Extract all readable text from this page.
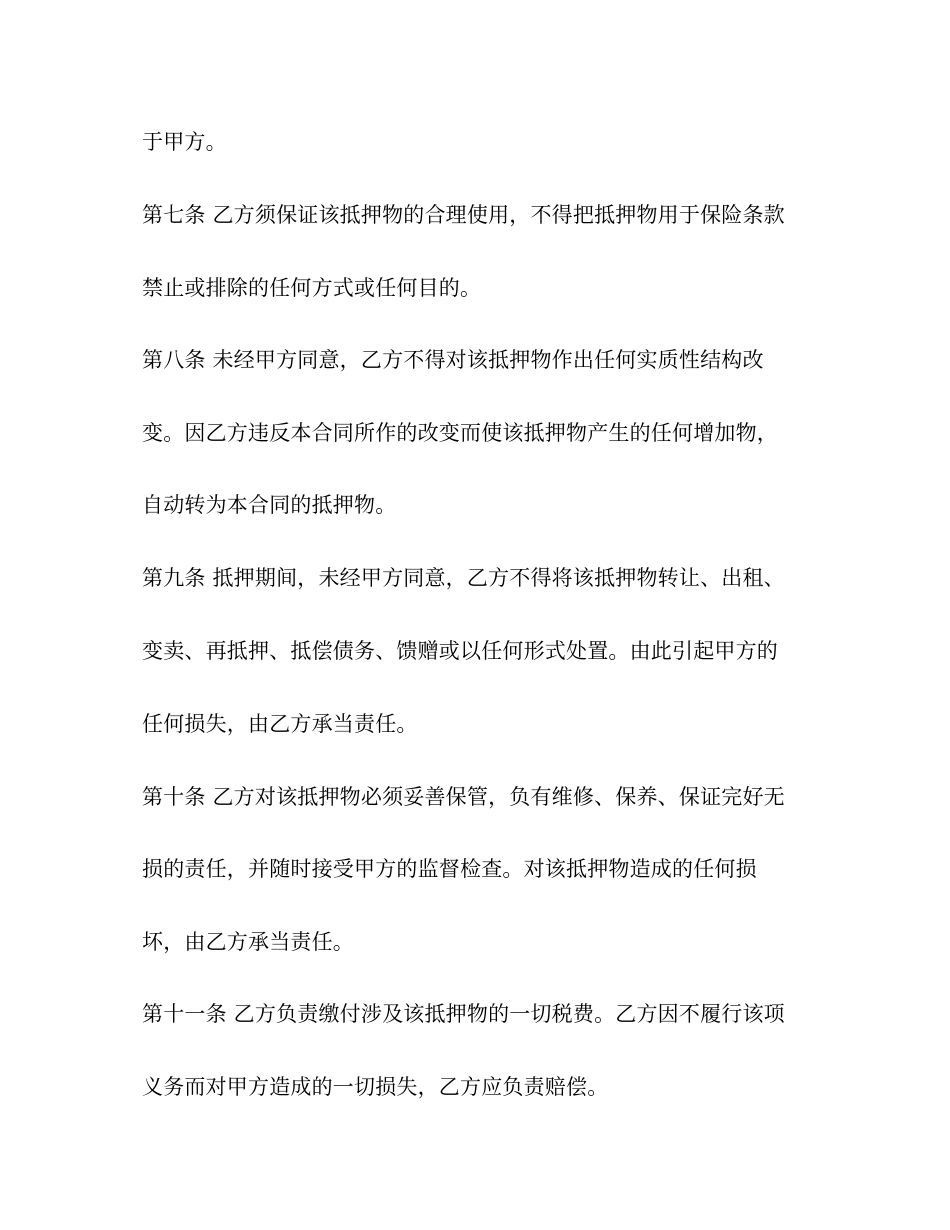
于甲方。
第七条 乙方须保证该抵押物的合理使用，不得把抵押物用于保险条款
禁止或排除的任何方式或任何目的。
第八条 未经甲方同意，乙方不得对该抵押物作出任何实质性结构改
变。因乙方违反本合同所作的改变而使该抵押物产生的任何增加物，
自动转为本合同的抵押物。
第九条 抵押期间，未经甲方同意，乙方不得将该抵押物转让、出租、
变卖、再抵押、抵偿债务、馈赠或以任何形式处置。由此引起甲方的
任何损失，由乙方承当责任。
第十条 乙方对该抵押物必须妥善保管，负有维修、保养、保证完好无
损的责任，并随时接受甲方的监督检查。对该抵押物造成的任何损
坏，由乙方承当责任。
第十一条 乙方负责缴付涉及该抵押物的一切税费。乙方因不履行该项
义务而对甲方造成的一切损失，乙方应负责赔偿。
